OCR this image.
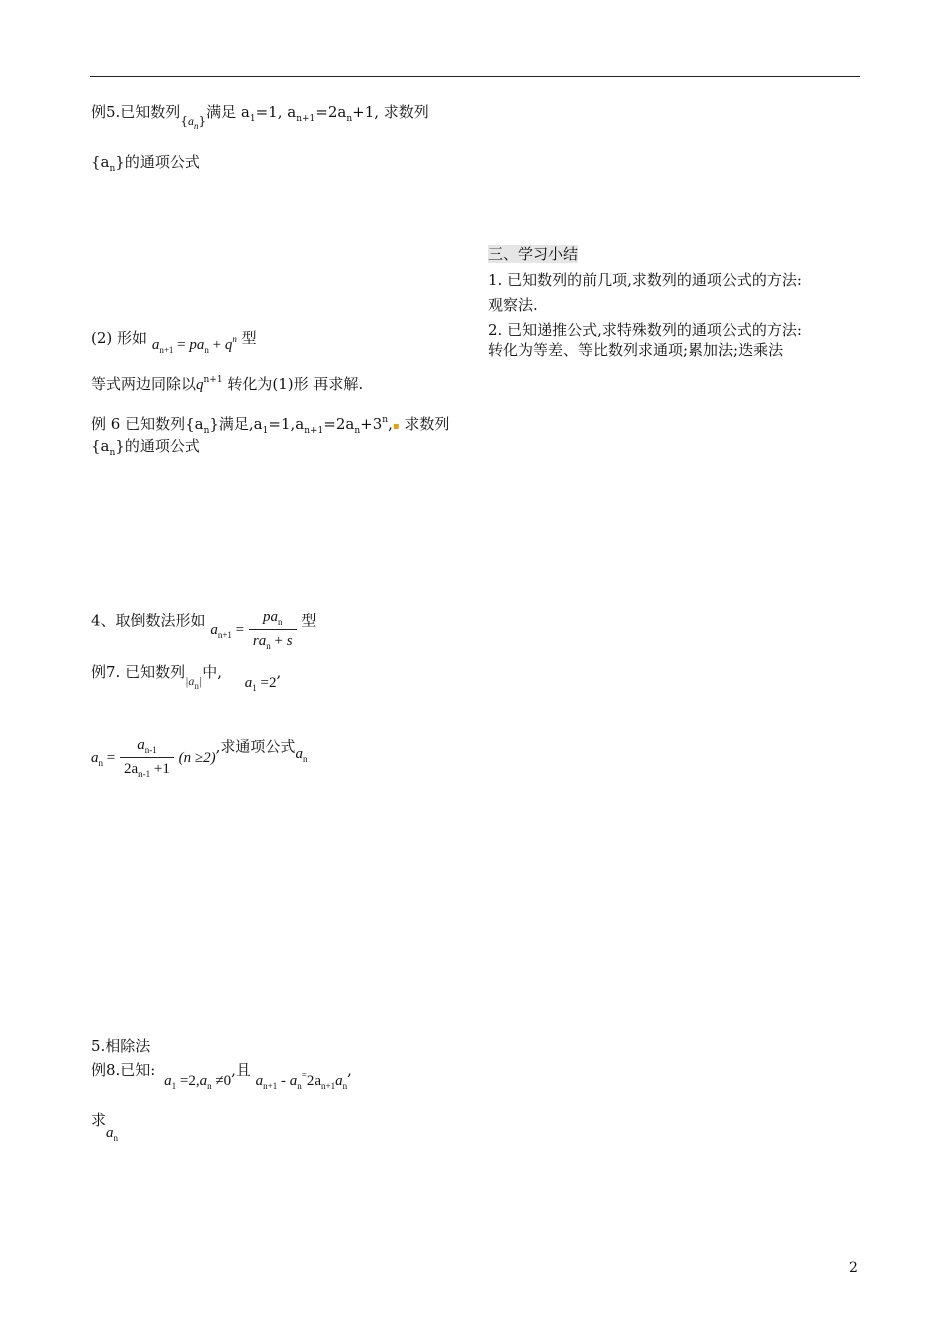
例5.已知数列$_{\{a_n\}}$满足 $a_1=1$, $a_{n+1}=2a_n+1$, 求数列
$\{a_n\}$的通项公式
三、学习小结
1. 已知数列的前几项,求数列的通项公式的方法:
观察法.
2. 已知递推公式,求特殊数列的通项公式的方法:
转化为等差、等比数列求通项;累加法;迭乘法
(2) 形如 $a_{n+1} = pa_n + q^n$ 型
等式两边同除以$q^{n+1}$ 转化为(1)形 再求解.
例 6 已知数列$\{a_n\}$满足$,a_1=1,a_{n+1}=2a_n+3^n,▪$ 求数列
$\{a_n\}$的通项公式
4、取倒数法形如 $a_{n+1} = \frac{pa_n}{ra_n + s}$ 型
例7. 已知数列$_{|a_n|}$中, $a_1 =2$,
$a_n = \frac{a_{n-1}}{2a_{n-1} +1} (n \ge 2)$,求通项公式$a_n$
5.相除法
例8.已知: $a_1 =2,a_n \ne 0$,且 $a_{n+1} - a_n^=2a_{n+1}a_n$,
求$a_n$
2
